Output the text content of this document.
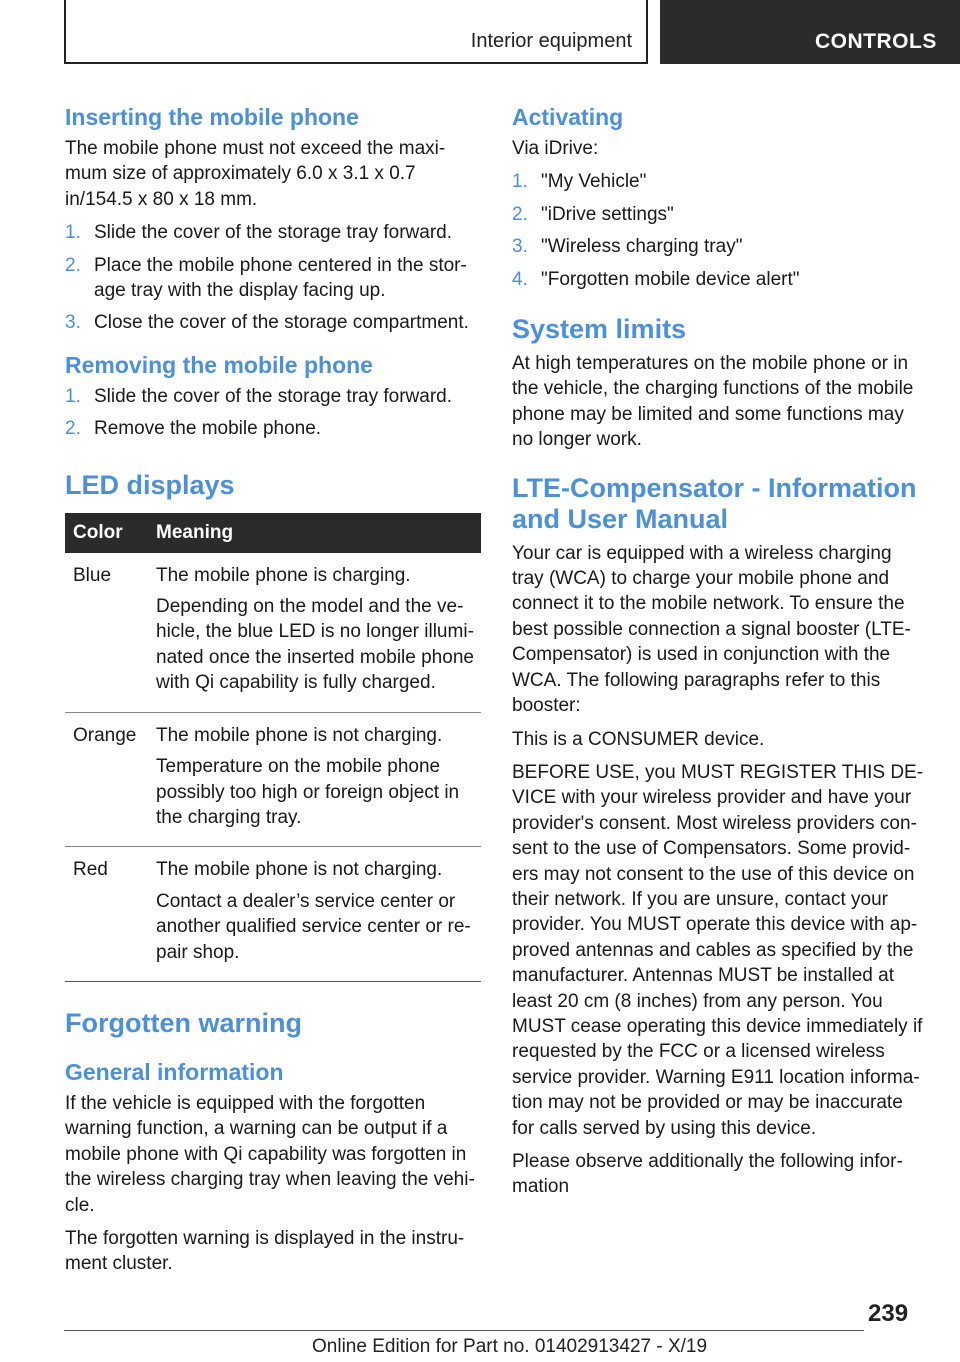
Interior equipment	CONTROLS
Inserting the mobile phone

The mobile phone must not exceed the maximum size of approximately 6.0 x 3.1 x 0.7 in/154.5 x 80 x 18 mm.

1. Slide the cover of the storage tray forward.
2. Place the mobile phone centered in the storage tray with the display facing up.
3. Close the cover of the storage compartment.
Removing the mobile phone
1. Slide the cover of the storage tray forward.
2. Remove the mobile phone.
LED displays
Color	Meaning
Blue	The mobile phone is charging.

Depending on the model and the vehicle, the blue LED is no longer illuminated once the inserted mobile phone with Qi capability is fully charged.

Orange	The mobile phone is not charging.

Temperature on the mobile phone possibly too high or foreign object in the charging tray.

Red	The mobile phone is not charging.

Contact a dealer’s service center or another qualified service center or repair shop.

Forgotten warning
General information

If the vehicle is equipped with the forgotten warning function, a warning can be output if a mobile phone with Qi capability was forgotten in the wireless charging tray when leaving the vehicle.

The forgotten warning is displayed in the instrument cluster.

Activating

Via iDrive:

1. "My Vehicle"
2. "iDrive settings"
3. "Wireless charging tray"
4. "Forgotten mobile device alert"
System limits

At high temperatures on the mobile phone or in the vehicle, the charging functions of the mobile phone may be limited and some functions may no longer work.

LTE-Compensator - Information and User Manual

Your car is equipped with a wireless charging tray (WCA) to charge your mobile phone and connect it to the mobile network. To ensure the best possible connection a signal booster (LTE-Compensator) is used in conjunction with the WCA. The following paragraphs refer to this booster:

This is a CONSUMER device.

BEFORE USE, you MUST REGISTER THIS DEVICE with your wireless provider and have your provider's consent. Most wireless providers consent to the use of Compensators. Some providers may not consent to the use of this device on their network. If you are unsure, contact your provider. You MUST operate this device with approved antennas and cables as specified by the manufacturer. Antennas MUST be installed at least 20 cm (8 inches) from any person. You MUST cease operating this device immediately if requested by the FCC or a licensed wireless service provider. Warning E911 location information may not be provided or may be inaccurate for calls served by using this device.

Please observe additionally the following information

239
Online Edition for Part no. 01402913427 - X/19
